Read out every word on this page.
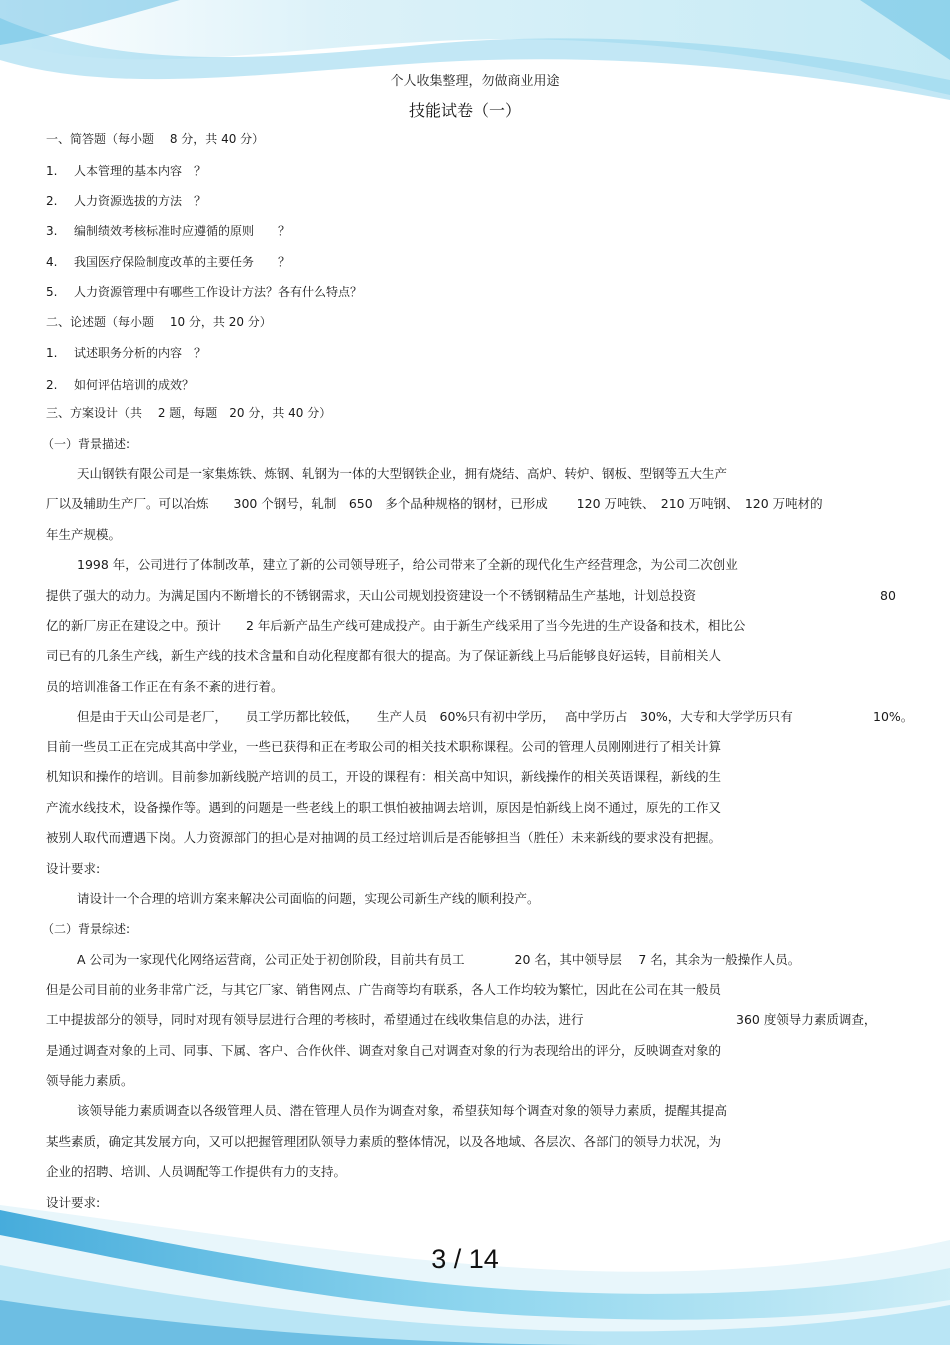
个人收集整理，勿做商业用途
技能试卷（一）
一、简答题（每小题　 8 分，共 40 分）
1. 人本管理的基本内容　？
2. 人力资源选拔的方法　？
3. 编制绩效考核标准时应遵循的原则　　？
4. 我国医疗保险制度改革的主要任务　　？
5. 人力资源管理中有哪些工作设计方法？各有什么特点？
二、论述题（每小题　 10 分，共 20 分）
1. 试述职务分析的内容　？
2. 如何评估培训的成效？
三、方案设计（共　 2 题，每题　20 分，共 40 分）
（一）背景描述:
天山钢铁有限公司是一家集炼铁、炼钢、轧钢为一体的大型钢铁企业，拥有烧结、高炉、转炉、钢板、型钢等五大生产
厂以及辅助生产厂。可以冶炼　　300 个钢号，轧制　650　多个品种规格的钢材，已形成　　 120 万吨铁、　210 万吨钢、　120 万吨材的
年生产规模。
1998 年，公司进行了体制改革，建立了新的公司领导班子，给公司带来了全新的现代化生产经营理念，为公司二次创业
提供了强大的动力。为满足国内不断增长的不锈钢需求，天山公司规划投资建设一个不锈钢精品生产基地，计划总投资	80
亿的新厂房正在建设之中。预计　　2 年后新产品生产线可建成投产。由于新生产线采用了当今先进的生产设备和技术，相比公
司已有的几条生产线，新生产线的技术含量和自动化程度都有很大的提高。为了保证新线上马后能够良好运转，目前相关人
员的培训准备工作正在有条不紊的进行着。
但是由于天山公司是老厂，　　员工学历都比较低，　　生产人员　60%只有初中学历，　 高中学历占　30%，大专和大学学历只有	10%。
目前一些员工正在完成其高中学业，一些已获得和正在考取公司的相关技术职称课程。公司的管理人员刚刚进行了相关计算
机知识和操作的培训。目前参加新线脱产培训的员工，开设的课程有：相关高中知识，新线操作的相关英语课程，新线的生
产流水线技术，设备操作等。遇到的问题是一些老线上的职工惧怕被抽调去培训，原因是怕新线上岗不通过，原先的工作又
被别人取代而遭遇下岗。人力资源部门的担心是对抽调的员工经过培训后是否能够担当（胜任）未来新线的要求没有把握。
设计要求:
请设计一个合理的培训方案来解决公司面临的问题，实现公司新生产线的顺利投产。
（二）背景综述:
A 公司为一家现代化网络运营商，公司正处于初创阶段，目前共有员工　　　　20 名，其中领导层　 7 名，其余为一般操作人员。
但是公司目前的业务非常广泛，与其它厂家、销售网点、广告商等均有联系，各人工作均较为繁忙，因此在公司在其一般员
工中提拔部分的领导，同时对现有领导层进行合理的考核时，希望通过在线收集信息的办法，进行	360 度领导力素质调查，
是通过调查对象的上司、同事、下属、客户、合作伙伴、调查对象自己对调查对象的行为表现给出的评分，反映调查对象的
领导能力素质。
该领导能力素质调查以各级管理人员、潜在管理人员作为调查对象，希望获知每个调查对象的领导力素质，提醒其提高
某些素质，确定其发展方向，又可以把握管理团队领导力素质的整体情况，以及各地域、各层次、各部门的领导力状况，为
企业的招聘、培训、人员调配等工作提供有力的支持。
设计要求:
3 / 14
